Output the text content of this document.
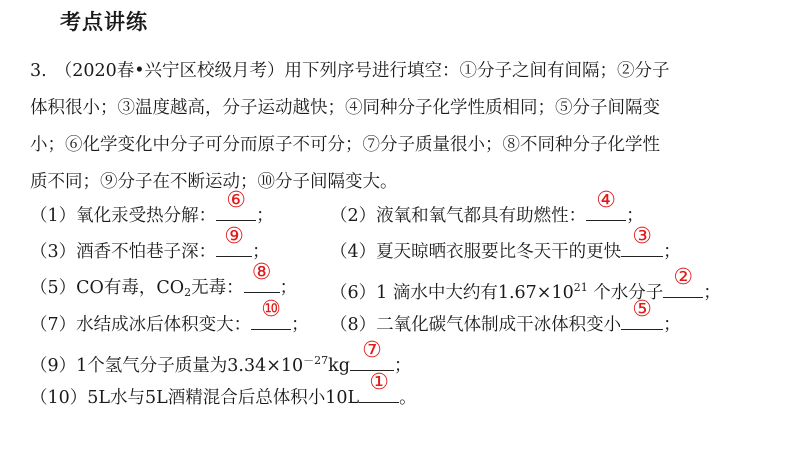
考点讲练
3. （2020春•兴宁区校级月考）用下列序号进行填空：①分子之间有间隔；②分子
体积很小；③温度越高，分子运动越快；④同种分子化学性质相同；⑤分子间隔变
小；⑥化学变化中分子可分而原子不可分；⑦分子质量很小；⑧不同种分子化学性
质不同；⑨分子在不断运动；⑩分子间隔变大。
（1）氧化汞受热分解：
⑥
；	（2）液氧和氧气都具有助燃性：
④
；
（3）酒香不怕巷子深：
⑨
；	（4）夏天晾晒衣服要比冬天干的更快
③
；
（5）CO有毒，$CO_2$无毒：
⑧
； （6）1 滴水中大约有$1.67\times 10^{21}$ 个水分子
②
；
（7）水结成冰后体积变大：
⑩
； （8）二氧化碳气体制成干冰体积变小
⑤
；
（9）1个氢气分子质量为$3.34\times 10^{-27}kg$
⑦
；
（10）5L水与5L酒精混合后总体积小10L
①
。
